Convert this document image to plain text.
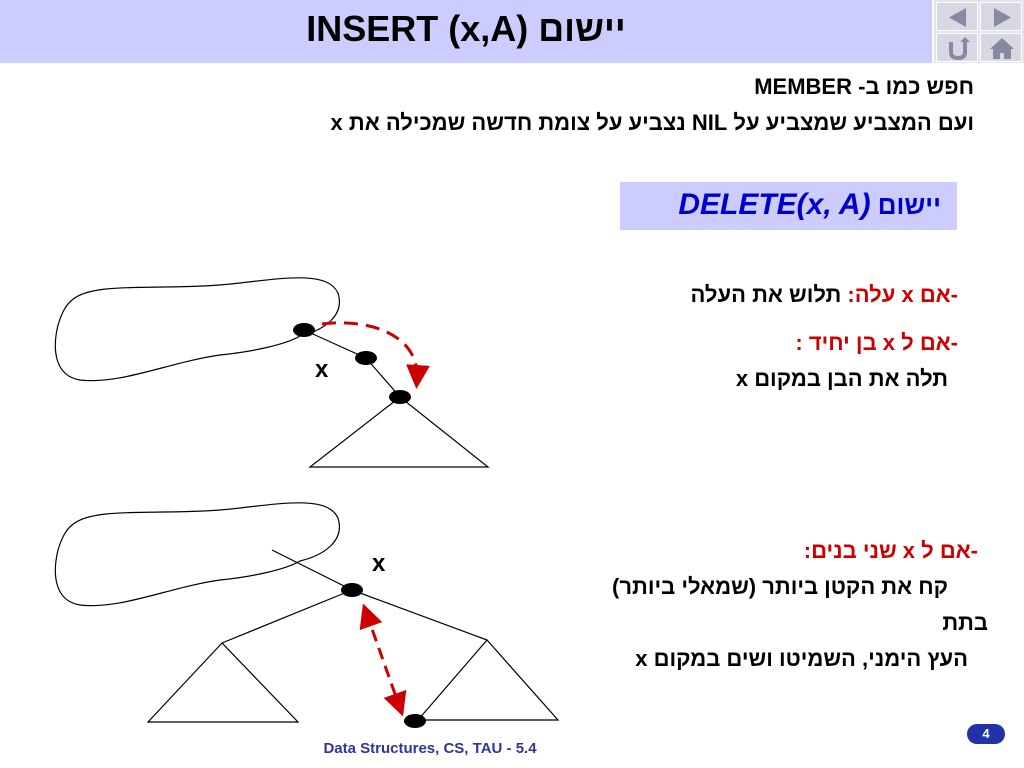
INSERT (x,A) יישום
חפש כמו ב- MEMBER
ועם המצביע שמצביע על NIL נצביע על צומת חדשה שמכילה את x
יישום DELETE(x, A)
-אם x עלה: תלוש את העלה
-אם ל x בן יחיד :
תלה את הבן במקום x
-אם ל x שני בנים:
קח את הקטן ביותר (שמאלי ביותר)
בתת
העץ הימני, השמיטו ושים במקום x
x
x
Data Structures, CS, TAU - 5.4
4
